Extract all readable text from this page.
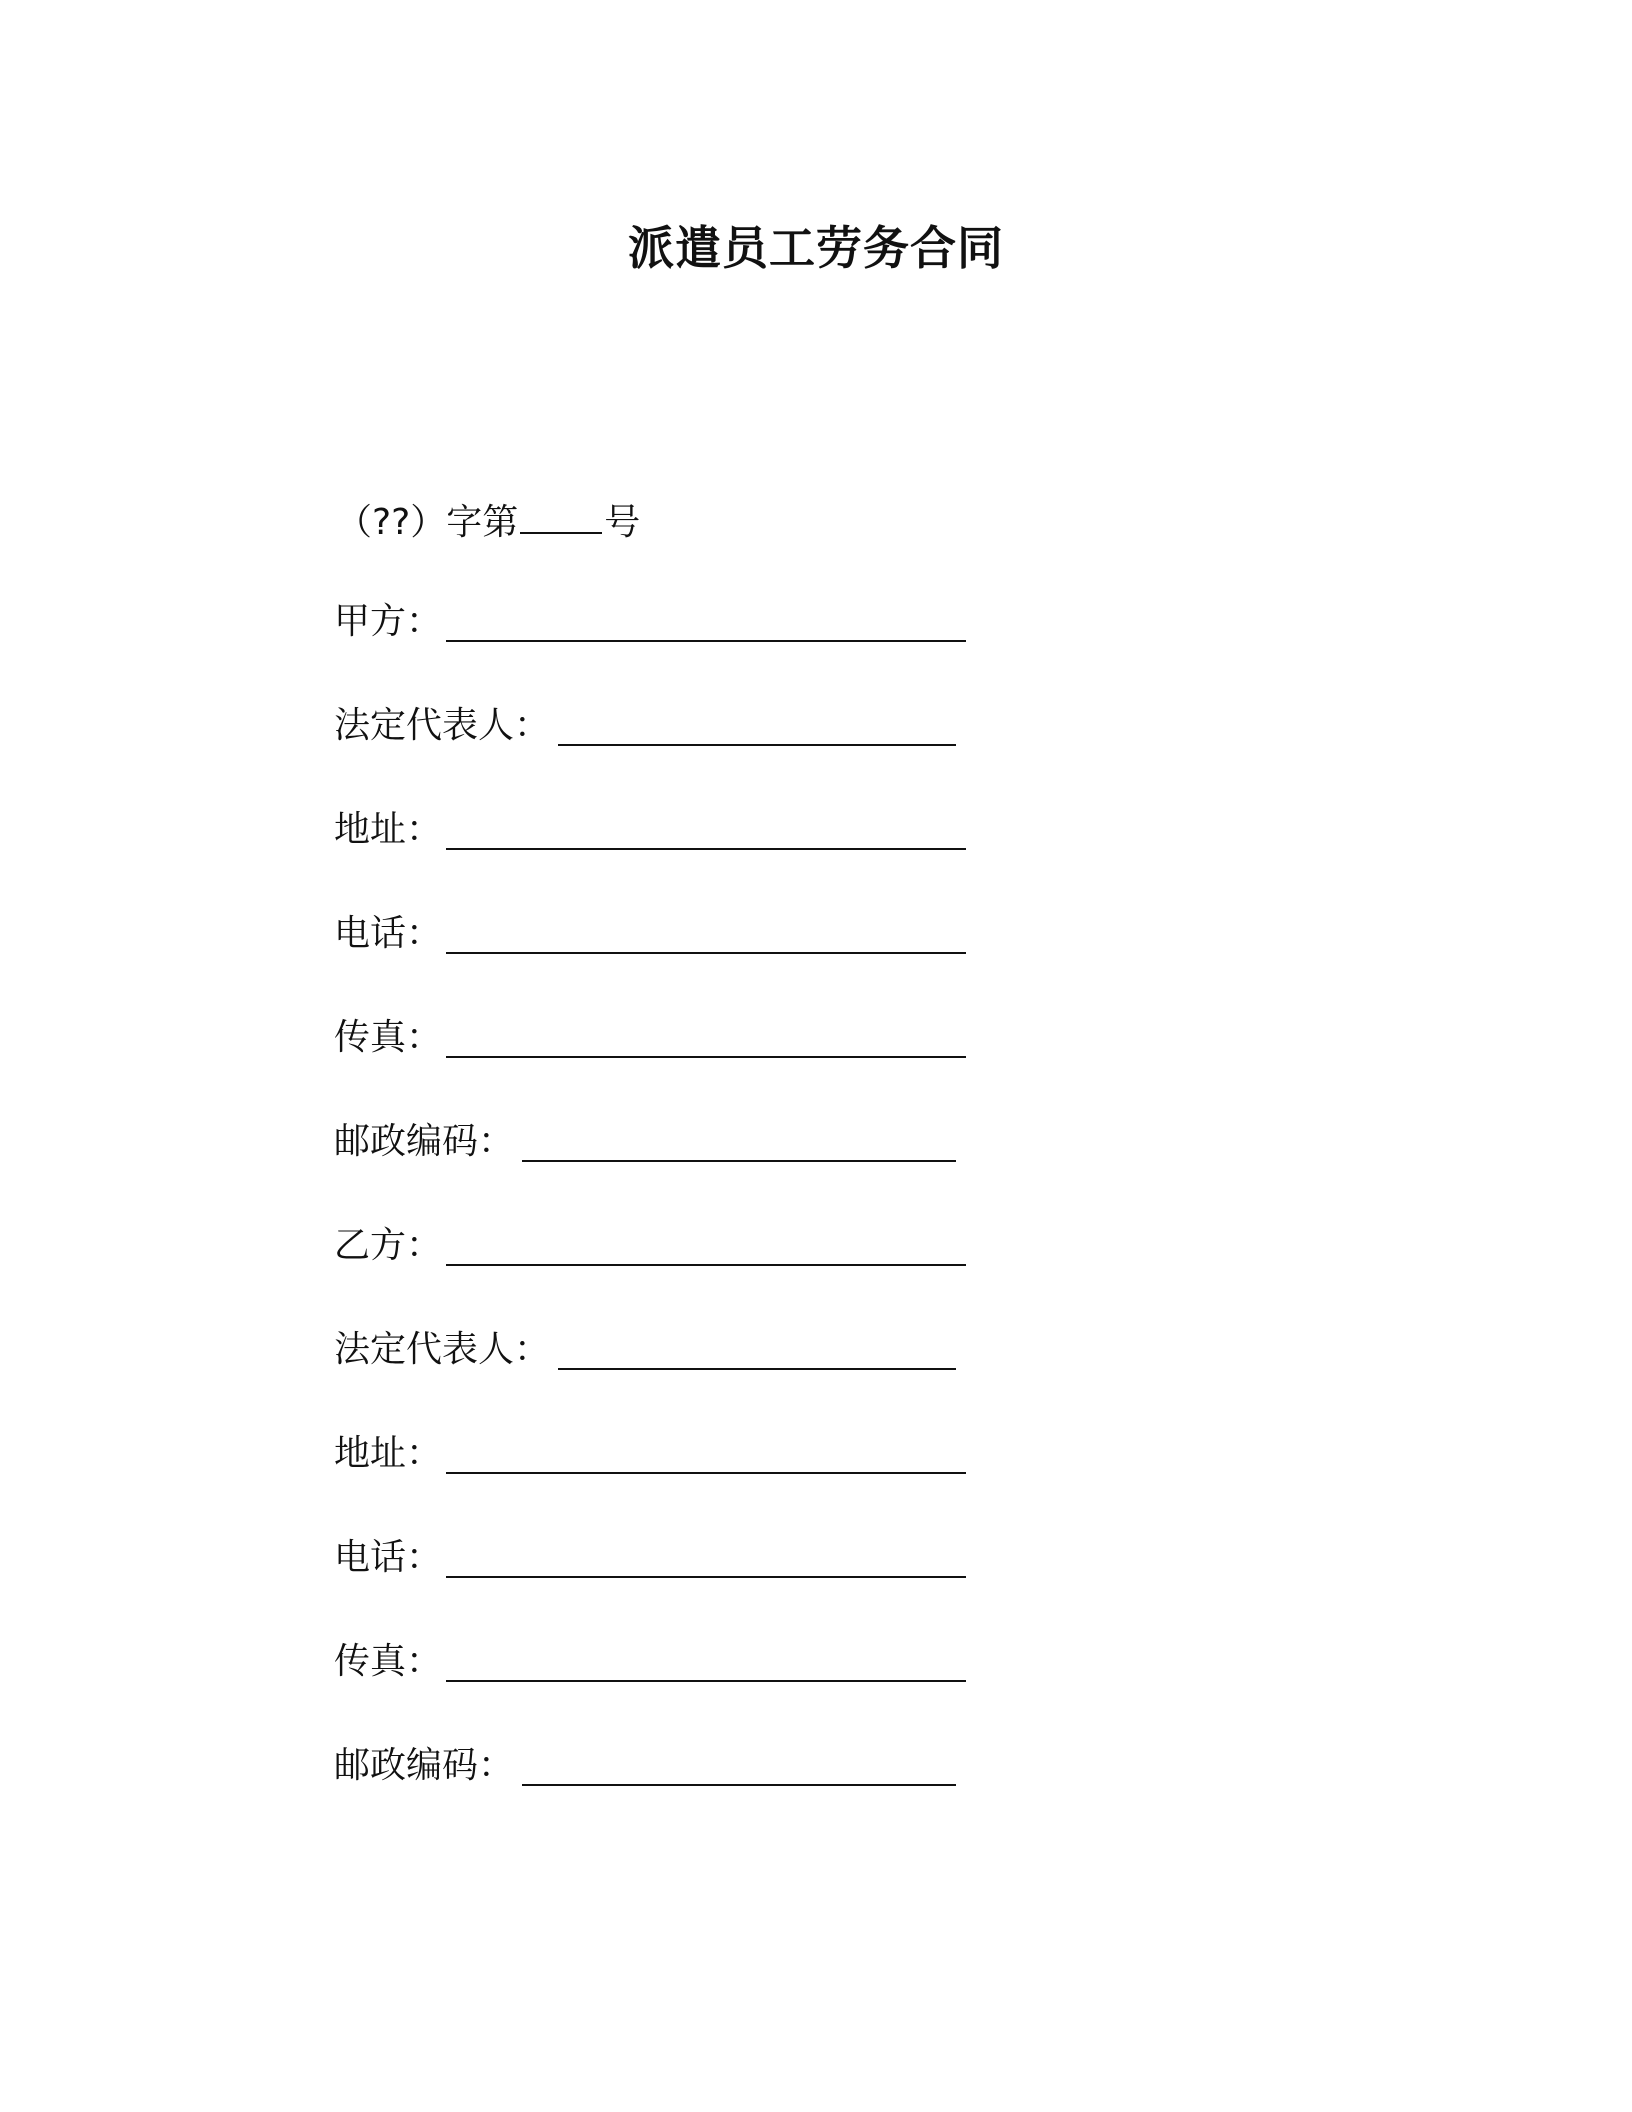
派遣员工劳务合同
（??）字第 号
甲方：
法定代表人：
地址：
电话：
传真：
邮政编码：
乙方：
法定代表人：
地址：
电话：
传真：
邮政编码：
